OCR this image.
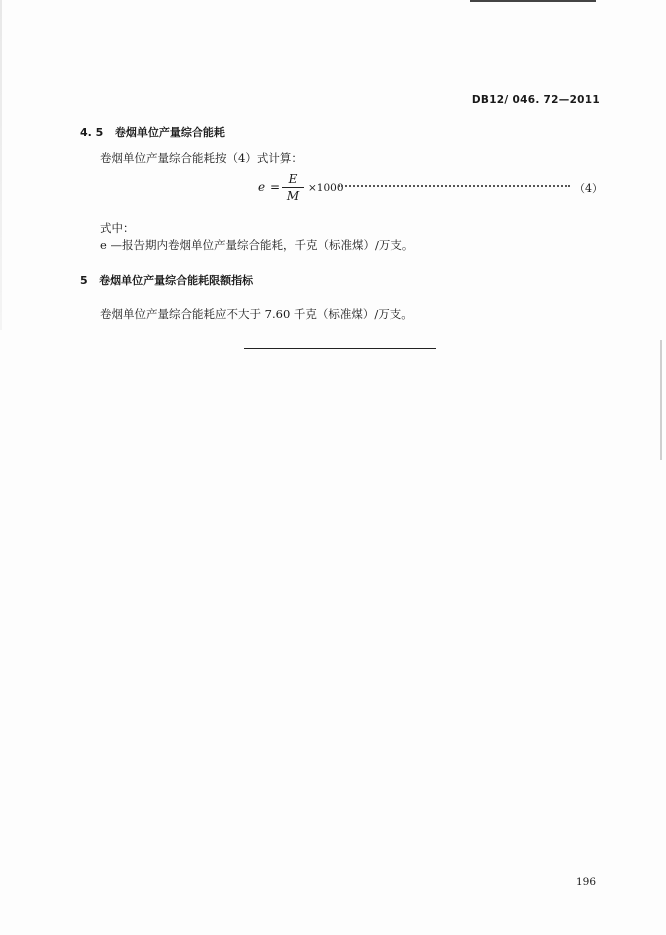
DB12/ 046. 72—2011
4. 5 卷烟单位产量综合能耗
卷烟单位产量综合能耗按（4）式计算：
e =
E
M
×1000	（4）
式中：
e —报告期内卷烟单位产量综合能耗，千克（标准煤）/万支。
5 卷烟单位产量综合能耗限额指标
卷烟单位产量综合能耗应不大于 7.60 千克（标准煤）/万支。
196
